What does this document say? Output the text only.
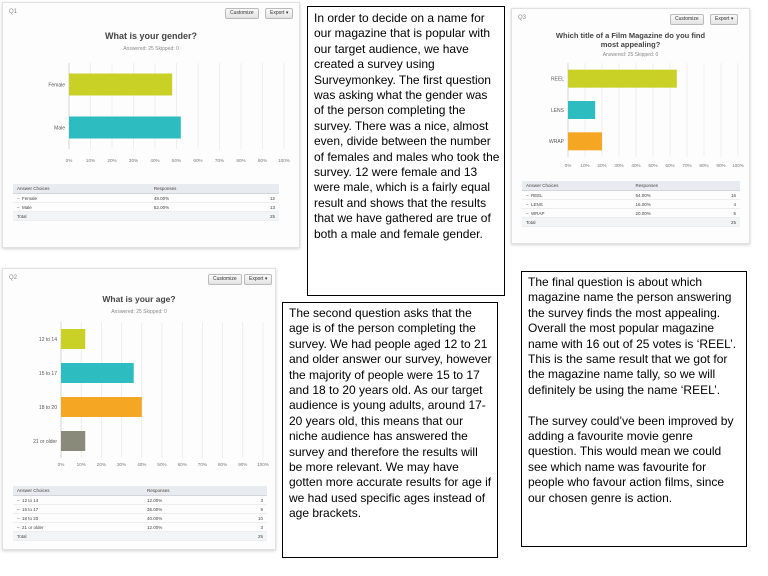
Q1	Customize	Export ▾
What is your gender?
Answered: 25 Skipped: 0
0%	10%	20%	30%	40%	50%	60%	70%	80%	90% 100%
Female
Male
Answer Choices	Responses	
–  Female	48.00%	12
–  Male	52.00%	13
Total		25
Q3	Customize	Export ▾
Which title of a Film Magazine do you find most appealing?
Answered: 25 Skipped: 0
0% 10% 20% 30% 40% 50% 60% 70% 80% 90% 100%
REEL
LENS
WRAP
Answer Choices	Responses	
–  REEL	64.00%	16
–  LENS	16.00%	4
–  WRAP	20.00%	5
Total		25
Q2	Customize	Export ▾
What is your age?
Answered: 25 Skipped: 0
0%	10% 20% 30% 40% 50% 60% 70% 80% 90% 100%
12 to 14
15 to 17
18 to 20
21 or older
Answer Choices	Responses	
–  12 to 14	12.00%	3
–  15 to 17	36.00%	9
–  18 to 20	40.00%	10
–  21 or older	12.00%	3
Total		25
In order to decide on a name for our magazine that is popular with our target audience, we have created a survey using Surveymonkey. The first question was asking what the gender was of the person completing the survey. There was a nice, almost even, divide between the number of females and males who took the survey. 12 were female and 13 were male, which is a fairly equal result and shows that the results that we have gathered are true of both a male and female gender.
The second question asks that the age is of the person completing the survey. We had people aged 12 to 21 and older answer our survey, however the majority of people were 15 to 17 and 18 to 20 years old. As our target audience is young adults, around 17-20 years old, this means that our niche audience has answered the survey and therefore the results will be more relevant. We may have gotten more accurate results for age if we had used specific ages instead of age brackets.
The final question is about which magazine name the person answering the survey finds the most appealing. Overall the most popular magazine name with 16 out of 25 votes is ‘REEL’. This is the same result that we got for the magazine name tally, so we will definitely be using the name ‘REEL’.

The survey could’ve been improved by adding a favourite movie genre question. This would mean we could see which name was favourite for people who favour action films, since our chosen genre is action.
